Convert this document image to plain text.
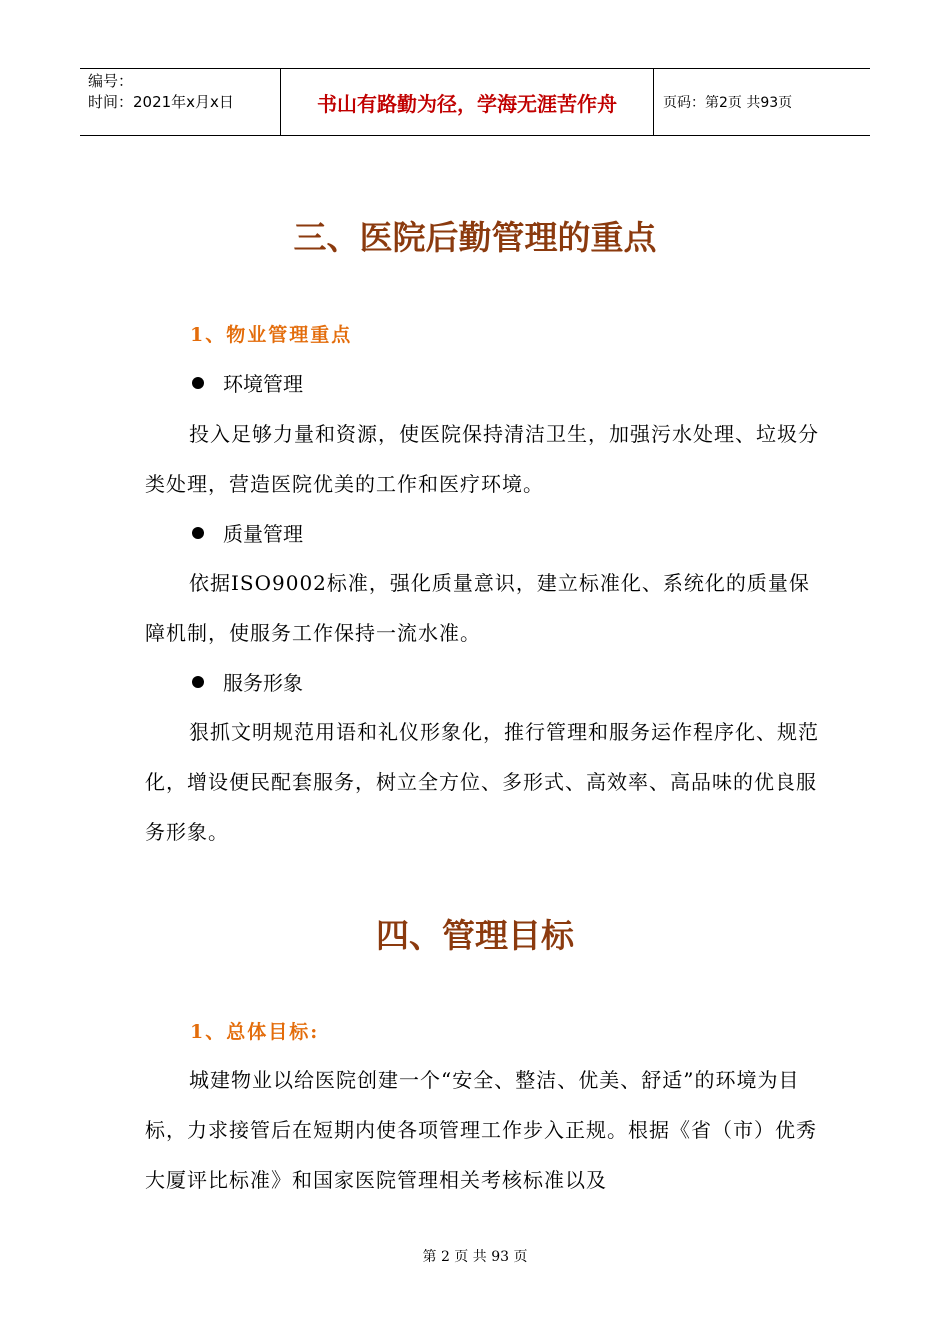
编号：
时间：2021年x月x日	书山有路勤为径，学海无涯苦作舟	页码：第2页 共93页
三、医院后勤管理的重点
1、物业管理重点
环境管理
投入足够力量和资源，使医院保持清洁卫生，加强污水处理、垃圾分类处理，营造医院优美的工作和医疗环境。
质量管理
依据ISO9002标准，强化质量意识，建立标准化、系统化的质量保障机制，使服务工作保持一流水准。
服务形象
狠抓文明规范用语和礼仪形象化，推行管理和服务运作程序化、规范化，增设便民配套服务，树立全方位、多形式、高效率、高品味的优良服务形象。
四、管理目标
1、总体目标:
城建物业以给医院创建一个“安全、整洁、优美、舒适”的环境为目标，力求接管后在短期内使各项管理工作步入正规。根据《省（市）优秀大厦评比标准》和国家医院管理相关考核标准以及
第 2 页 共 93 页
